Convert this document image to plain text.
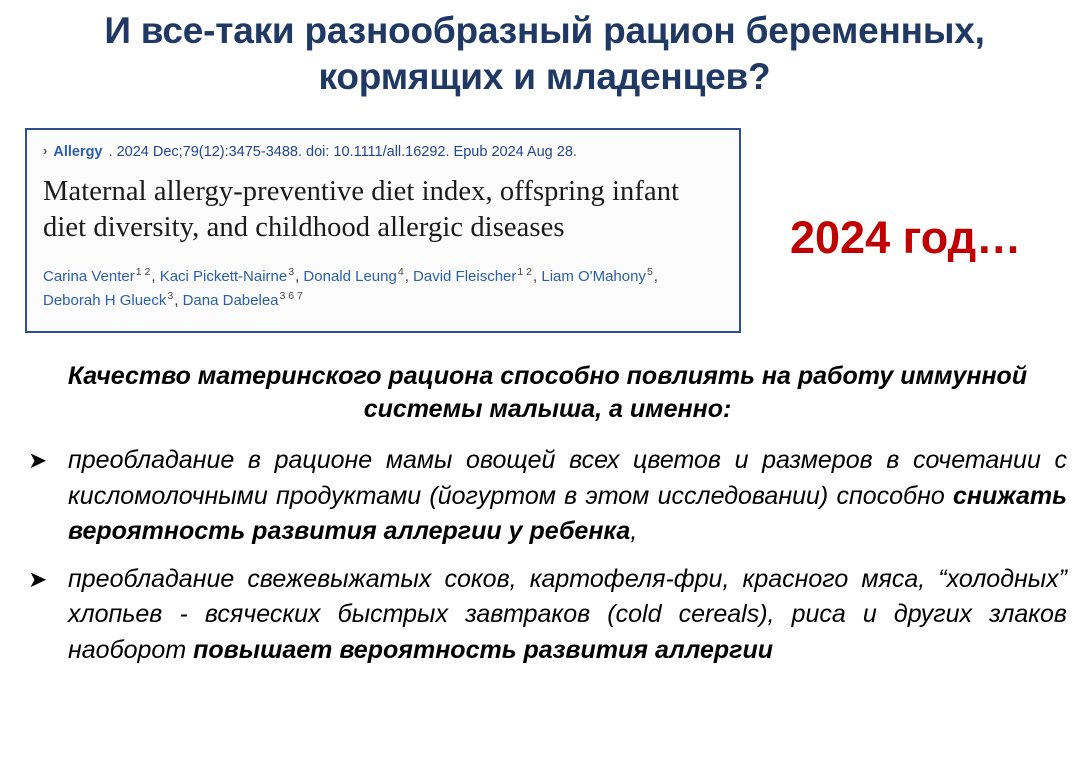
И все-таки разнообразный рацион беременных, кормящих и младенцев?
› Allergy . 2024 Dec;79(12):3475-3488. doi: 10.1111/all.16292. Epub 2024 Aug 28.
Maternal allergy-preventive diet index, offspring infant diet diversity, and childhood allergic diseases
Carina Venter$^{1 2}$, Kaci Pickett-Nairne$^3$, Donald Leung$^4$, David Fleischer$^{1 2}$, Liam O'Mahony$^5$,
Deborah H Glueck$^3$, Dana Dabelea$^{3 6 7}$
2024 год…
Качество материнского рациона способно повлиять на работу иммунной системы малыша, а именно:
➤ преобладание в рационе мамы овощей всех цветов и размеров в сочетании с кисломолочными продуктами (йогуртом в этом исследовании) способно снижать вероятность развития аллергии у ребенка,
➤ преобладание свежевыжатых соков, картофеля-фри, красного мяса, “холодных” хлопьев - всяческих быстрых завтраков (cold cereals), риса и других злаков наоборот повышает вероятность развития аллергии
